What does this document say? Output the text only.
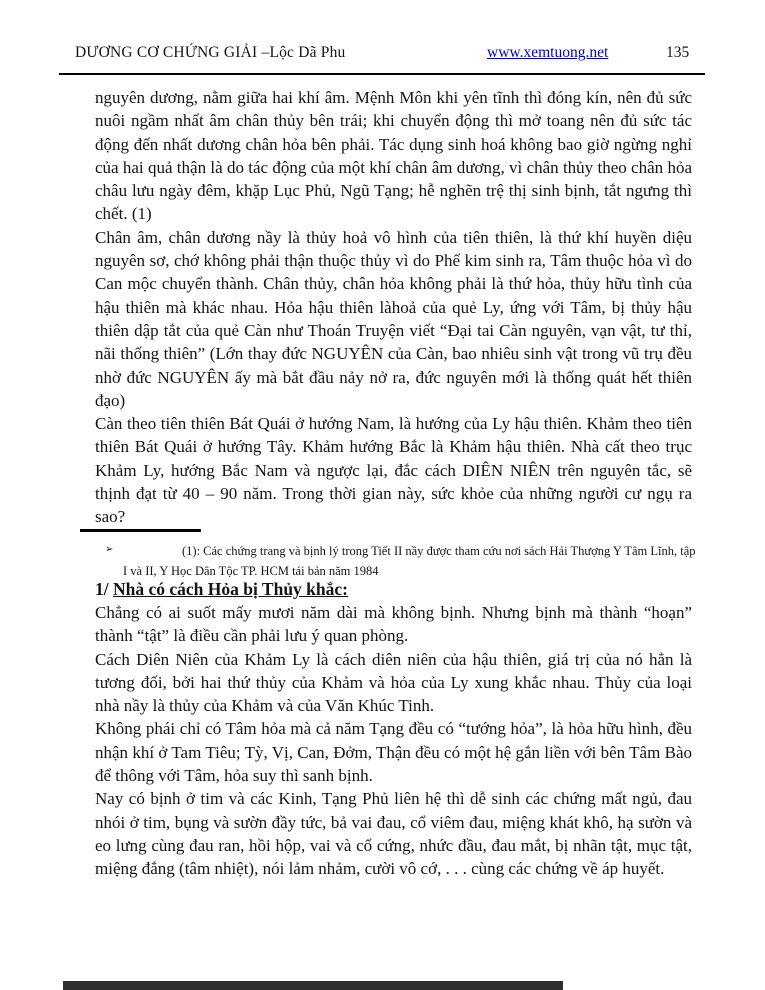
DƯƠNG CƠ CHỨNG GIẢI –Lộc Dã Phu	www.xemtuong.net	135

nguyên dương, nằm giữa hai khí âm. Mệnh Môn khi yên tĩnh thì đóng kín, nên đủ sức nuôi ngầm nhất âm chân thủy bên trái; khi chuyển động thì mở toang nên đủ sức tác động đến nhất dương chân hỏa bên phải. Tác dụng sinh hoá không bao giờ ngừng nghỉ của hai quả thận là do tác động của một khí chân âm dương, vì chân thủy theo chân hỏa châu lưu ngày đêm, khặp Lục Phủ, Ngũ Tạng; hễ nghẽn trệ thị sinh bịnh, tắt ngưng thì chết. (1)

Chân âm, chân dương nầy là thủy hoả vô hình của tiên thiên, là thứ khí huyền diệu nguyên sơ, chớ không phải thận thuộc thủy vì do Phế kim sinh ra, Tâm thuộc hỏa vì do Can mộc chuyển thành. Chân thủy, chân hỏa không phải là thứ hỏa, thủy hữu tình của hậu thiên mà khác nhau. Hỏa hậu thiên làhoả của quẻ Ly, ứng với Tâm, bị thủy hậu thiên dập tắt của quẻ Càn như Thoán Truyện viết “Đại tai Càn nguyên, vạn vật, tư thỉ, nãi thống thiên” (Lớn thay đức NGUYÊN của Càn, bao nhiêu sinh vật trong vũ trụ đều nhờ đức NGUYÊN ấy mà bắt đầu nảy nở ra, đức nguyên mới là thống quát hết thiên đạo)

Càn theo tiên thiên Bát Quái ở hướng Nam, là hướng của Ly hậu thiên. Khảm theo tiên thiên Bát Quái ở hướng Tây. Khảm hướng Bắc là Khảm hậu thiên. Nhà cất theo trục Khảm Ly, hướng Bắc Nam và ngược lại, đắc cách DIÊN NIÊN trên nguyên tắc, sẽ thịnh đạt từ 40 – 90 năm. Trong thời gian này, sức khỏe của những người cư ngụ ra sao?

➢	(1): Các chứng trang và bịnh lý trong Tiết II nầy được tham cứu nơi sách Hải Thượng Y Tâm Lĩnh, tập I và II, Y Học Dân Tộc TP. HCM tái bản năm 1984
1/ Nhà có cách Hỏa bị Thủy khắc:

Chẳng có ai suốt mấy mươi năm dài mà không bịnh. Nhưng bịnh mà thành “hoạn” thành “tật” là điều cần phải lưu ý quan phòng.

Cách Diên Niên của Khảm Ly là cách diên niên của hậu thiên, giá trị của nó hẳn là tương đối, bởi hai thứ thủy của Khảm và hỏa của Ly xung khắc nhau. Thủy của loại nhà nầy là thủy của Khảm và của Văn Khúc Tinh.

Không phái chỉ có Tâm hỏa mà cả năm Tạng đều có “tướng hỏa”, là hỏa hữu hình, đều nhận khí ở Tam Tiêu; Tỳ, Vị, Can, Đởm, Thận đều có một hệ gắn liền với bên Tâm Bào để thông với Tâm, hỏa suy thì sanh bịnh.

Nay có bịnh ở tim và các Kinh, Tạng Phủ liên hệ thì dễ sinh các chứng mất ngủ, đau nhói ở tim, bụng và sườn đầy tức, bả vai đau, cổ viêm đau, miệng khát khô, hạ sườn và eo lưng cùng đau ran, hồi hộp, vai và cổ cứng, nhức đầu, đau mắt, bị nhãn tật, mục tật, miệng đắng (tâm nhiệt), nói lảm nhảm, cười vô cớ, . . . cùng các chứng về áp huyết.
